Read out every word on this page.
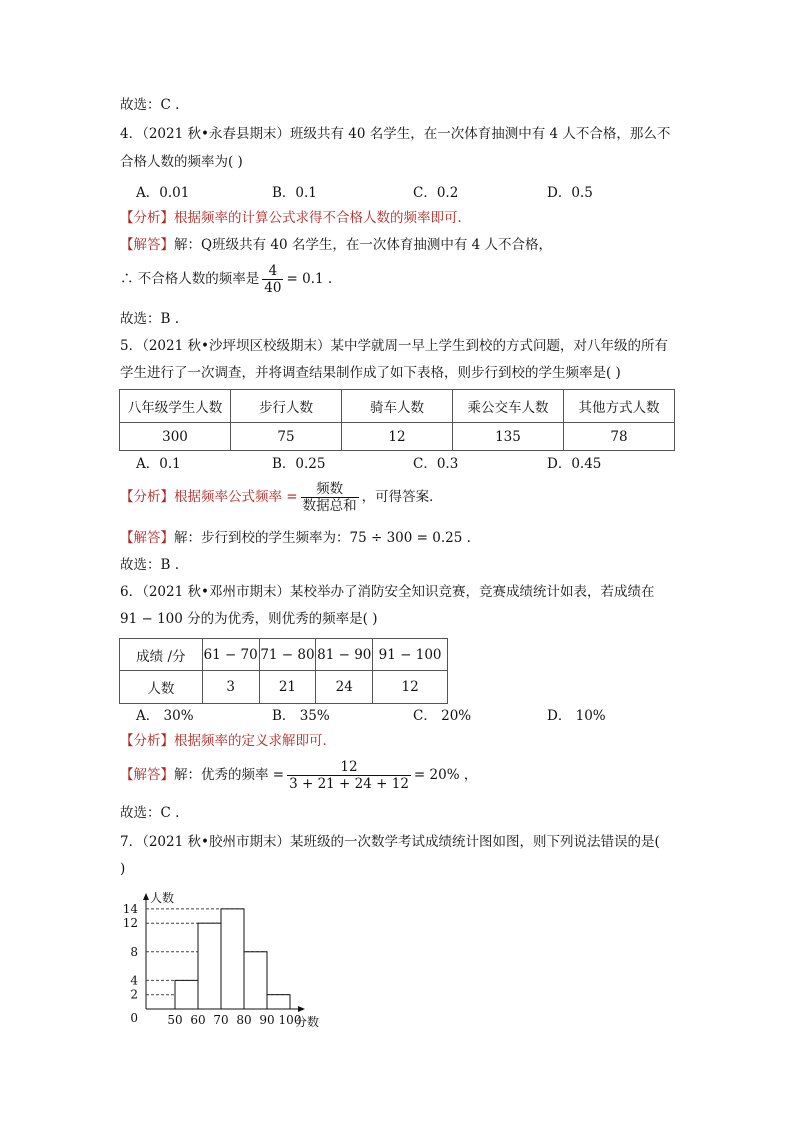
故选：C .
4．（2021 秋•永春县期末）班级共有 40 名学生，在一次体育抽测中有 4 人不合格，那么不
合格人数的频率为( )
A．0.01	B．0.1	C．0.2	D．0.5
【分析】根据频率的计算公式求得不合格人数的频率即可．
【解答】解：Q班级共有 40 名学生，在一次体育抽测中有 4 人不合格，
∴ 不合格人数的频率是 $\frac{4}{40} = 0.1$ .
故选：B .
5．（2021 秋•沙坪坝区校级期末）某中学就周一早上学生到校的方式问题，对八年级的所有
学生进行了一次调查，并将调查结果制作成了如下表格，则步行到校的学生频率是( )
八年级学生人数	步行人数	骑车人数	乘公交车人数	其他方式人数
300	75	12	135	78
A．0.1	B．0.25	C．0.3	D．0.45
【分析】根据频率公式频率 = $\frac{\text{频数}}{\text{数据总和}}$ ，可得答案．
【解答】解：步行到校的学生频率为：75 ÷ 300 = 0.25 .
故选：B .
6．（2021 秋•邓州市期末）某校举办了消防安全知识竞赛，竞赛成绩统计如表，若成绩在
91 − 100 分的为优秀，则优秀的频率是( )
成绩 /分	61 − 70	71 − 80	81 − 90	91 − 100
人数	3	21	24	12
A． 30%	B． 35%	C． 20%	D． 10%
【分析】根据频率的定义求解即可．
【解答】解：优秀的频率 = $\frac{12}{3 + 21 + 24 + 12} = 20\%$ ，
故选：C .
7．（2021 秋•胶州市期末）某班级的一次数学考试成绩统计图如图，则下列说法错误的是(
)
0
2
4
8
12
14
50 60 70 80 90 100
人数
分数
